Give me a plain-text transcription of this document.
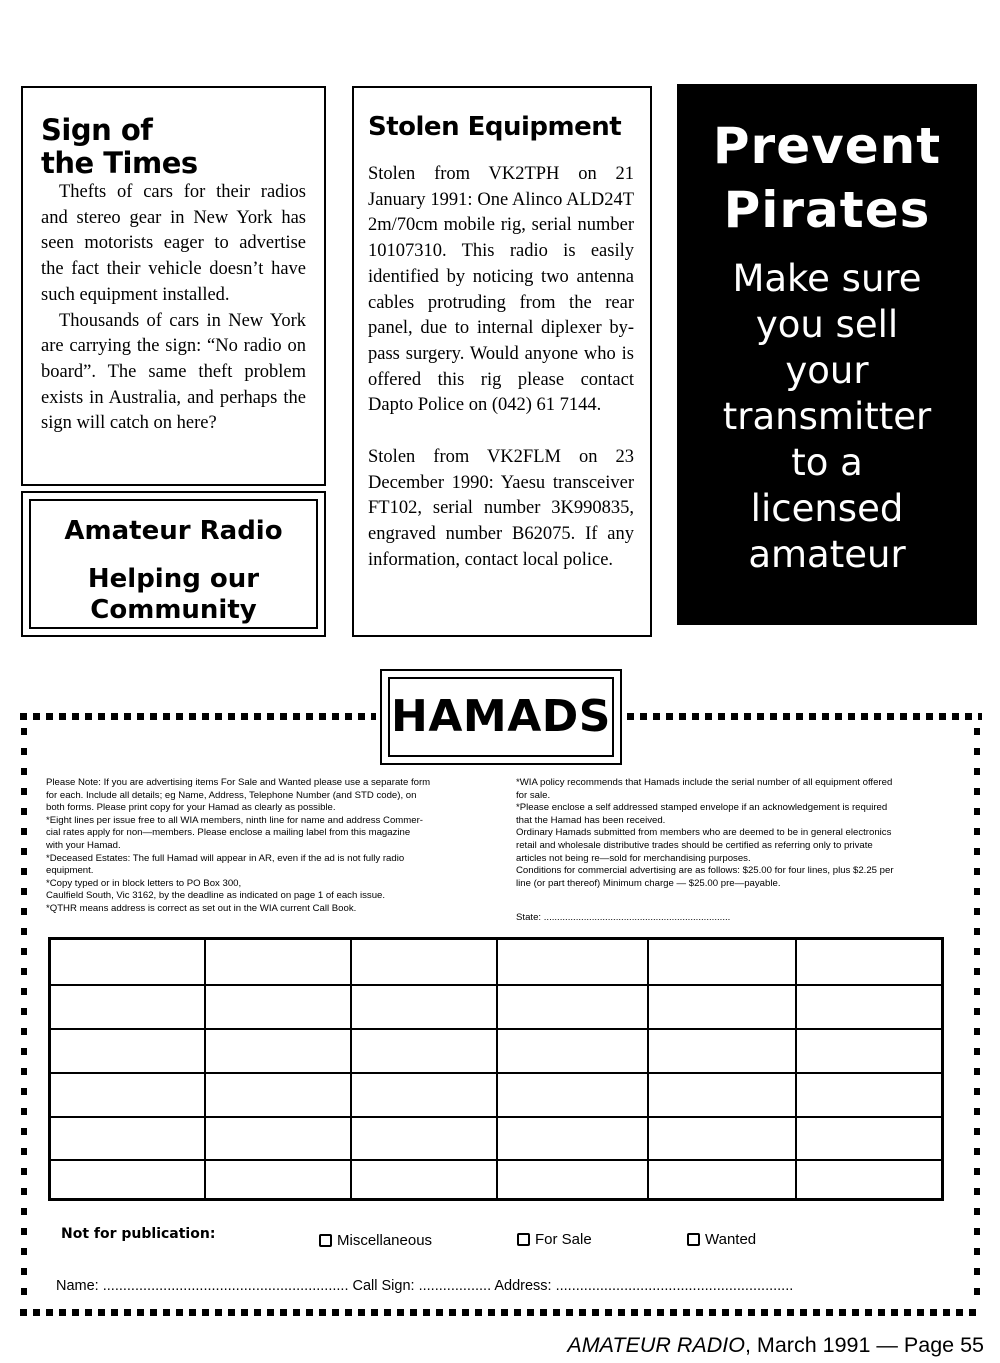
Sign of
the Times

Thefts of cars for their radios and stereo gear in New York has seen motorists eager to advertise the fact their vehicle doesn’t have such equipment installed.

Thousands of cars in New York are carrying the sign: “No radio on board”. The same theft problem exists in Australia, and perhaps the sign will catch on here?

Amateur Radio
Helping our
Community
Stolen Equipment

Stolen from VK2TPH on 21 January 1991: One Alinco ALD24T 2m/70cm mobile rig, serial number 10107310. This radio is easily identified by noticing two antenna cables protruding from the rear panel, due to internal diplexer by-pass surgery. Would anyone who is offered this rig please contact Dapto Police on (042) 61 7144.

Stolen from VK2FLM on 23 December 1990: Yaesu transceiver FT102, serial number 3K990835, engraved number B62075. If any information, contact local police.

Prevent
Pirates
Make sure
you sell
your
transmitter
to a
licensed
amateur
HAMADS
Please Note: If you are advertising items For Sale and Wanted please use a separate form
for each. Include all details; eg Name, Address, Telephone Number (and STD code), on
both forms. Please print copy for your Hamad as clearly as possible.
*Eight lines per issue free to all WIA members, ninth line for name and address Commer-
cial rates apply for non—members. Please enclose a mailing label from this magazine
with your Hamad.
*Deceased Estates: The full Hamad will appear in AR, even if the ad is not fully radio
equipment.
*Copy typed or in block letters to PO Box 300,
Caulfield South, Vic 3162, by the deadline as indicated on page 1 of each issue.
*QTHR means address is correct as set out in the WIA current Call Book.
*WIA policy recommends that Hamads include the serial number of all equipment offered
for sale.
*Please enclose a self addressed stamped envelope if an acknowledgement is required
that the Hamad has been received.
Ordinary Hamads submitted from members who are deemed to be in general electronics
retail and wholesale distributive trades should be certified as referring only to private
articles not being re—sold for merchandising purposes.
Conditions for commercial advertising are as follows: $25.00 for four lines, plus $2.25 per
line (or part thereof) Minimum charge — $25.00 pre—payable.
State: ......................................................................
Not for publication:	Miscellaneous	For Sale	Wanted
Name: ............................................................. Call Sign: .................. Address: ...........................................................
AMATEUR RADIO, March 1991 — Page 55
